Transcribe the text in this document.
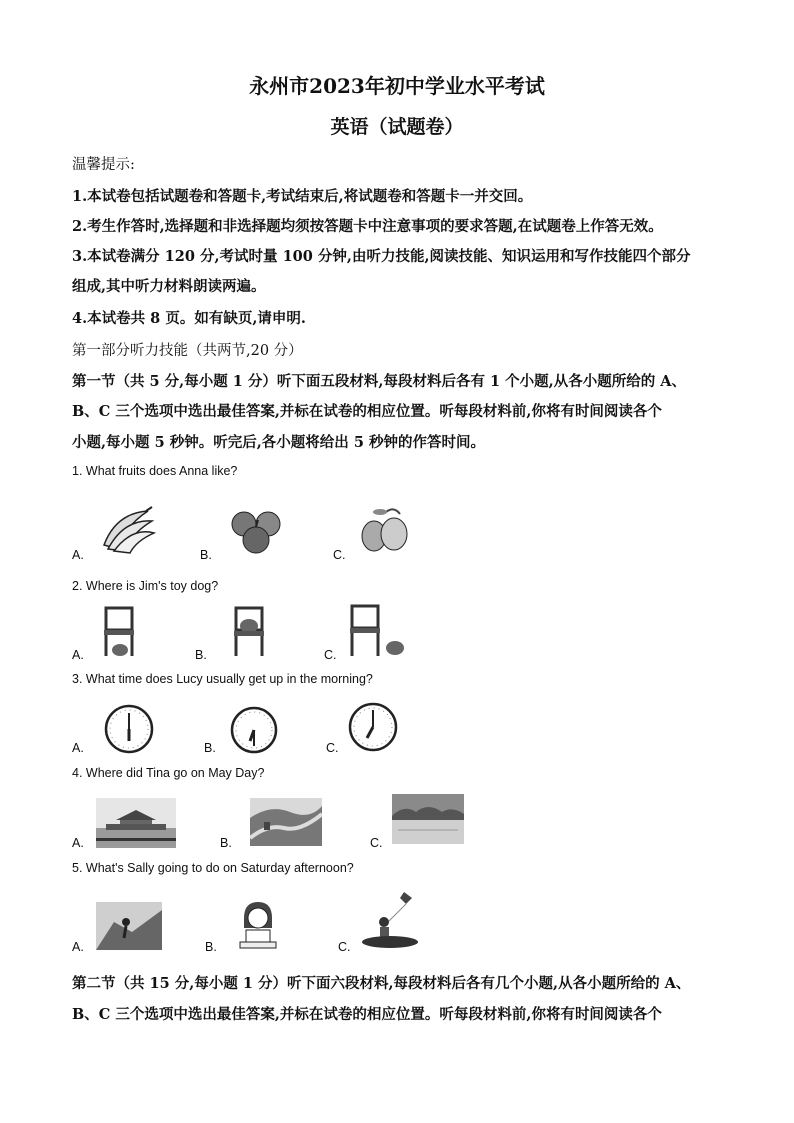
永州市2023年初中学业水平考试
英语（试题卷）
温馨提示:
1.本试卷包括试题卷和答题卡,考试结束后,将试题卷和答题卡一并交回。
2.考生作答时,选择题和非选择题均须按答题卡中注意事项的要求答题,在试题卷上作答无效。
3.本试卷满分 120 分,考试时量 100 分钟,由听力技能,阅读技能、知识运用和写作技能四个部分
组成,其中听力材料朗读两遍。
4.本试卷共 8 页。如有缺页,请申明.
第一部分听力技能（共两节,20 分）
第一节（共 5 分,每小题 1 分）听下面五段材料,每段材料后各有 1 个小题,从各小题所给的 A、
B、C 三个选项中选出最佳答案,并标在试卷的相应位置。听每段材料前,你将有时间阅读各个
小题,每小题 5 秒钟。听完后,各小题将给出 5 秒钟的作答时间。
1. What fruits does Anna like?
A.	B.	C.
2. Where is Jim's toy dog?
A.	B.	C.
3. What time does Lucy usually get up in the morning?
A.	B.	C.
4. Where did Tina go on May Day?
A.	B.	C.
5. What's Sally going to do on Saturday afternoon?
A.	B.	C.
第二节（共 15 分,每小题 1 分）听下面六段材料,每段材料后各有几个小题,从各小题所给的 A、
B、C 三个选项中选出最佳答案,并标在试卷的相应位置。听每段材料前,你将有时间阅读各个
